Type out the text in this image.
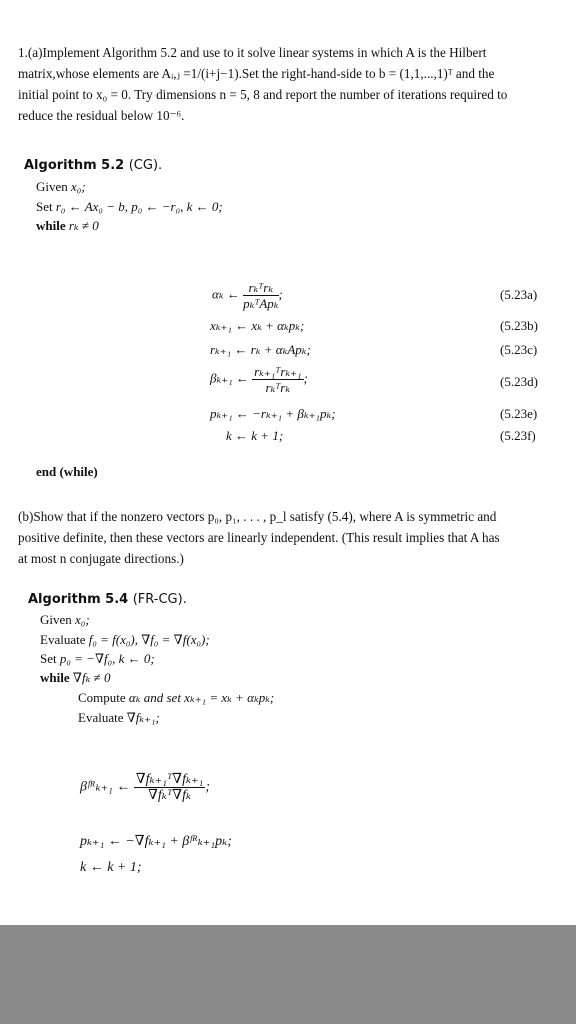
1.(a)Implement Algorithm 5.2 and use to it solve linear systems in which A is the Hilbert
matrix,whose elements are Aᵢ,ⱼ =1/(i+j−1).Set the right-hand-side to b = (1,1,...,1)ᵀ and the
initial point to x₀ = 0. Try dimensions n = 5, 8 and report the number of iterations required to
reduce the residual below 10⁻⁶.
Algorithm 5.2 (CG).
Given x₀;
Set r₀ ← Ax₀ − b, p₀ ← −r₀, k ← 0;
while rₖ ≠ 0
αₖ ← $\frac{\text{rₖᵀrₖ}}{\text{pₖᵀApₖ}}$ ;	(5.23a)
xₖ₊₁ ← xₖ + αₖpₖ;	(5.23b)
rₖ₊₁ ← rₖ + αₖApₖ;	(5.23c)
βₖ₊₁ ← $\frac{\text{rₖ₊₁ᵀrₖ₊₁}}{\text{rₖᵀrₖ}}$ ;	(5.23d)
pₖ₊₁ ← −rₖ₊₁ + βₖ₊₁pₖ;	(5.23e)
k ← k + 1;	(5.23f)
end (while)
(b)Show that if the nonzero vectors p₀, p₁, . . . , p_l satisfy (5.4), where A is symmetric and
positive definite, then these vectors are linearly independent. (This result implies that A has
at most n conjugate directions.)
Algorithm 5.4 (FR-CG).
Given x₀;
Evaluate f₀ = f(x₀), ∇f₀ = ∇f(x₀);
Set p₀ = −∇f₀, k ← 0;
while ∇fₖ ≠ 0
Compute αₖ and set xₖ₊₁ = xₖ + αₖpₖ;
Evaluate ∇fₖ₊₁;
βᶠᴿₖ₊₁ ← $\frac{\text{∇fₖ₊₁ᵀ∇fₖ₊₁}}{\text{∇fₖᵀ∇fₖ}}$ ;
pₖ₊₁ ← −∇fₖ₊₁ + βᶠᴿₖ₊₁pₖ;
k ← k + 1;
